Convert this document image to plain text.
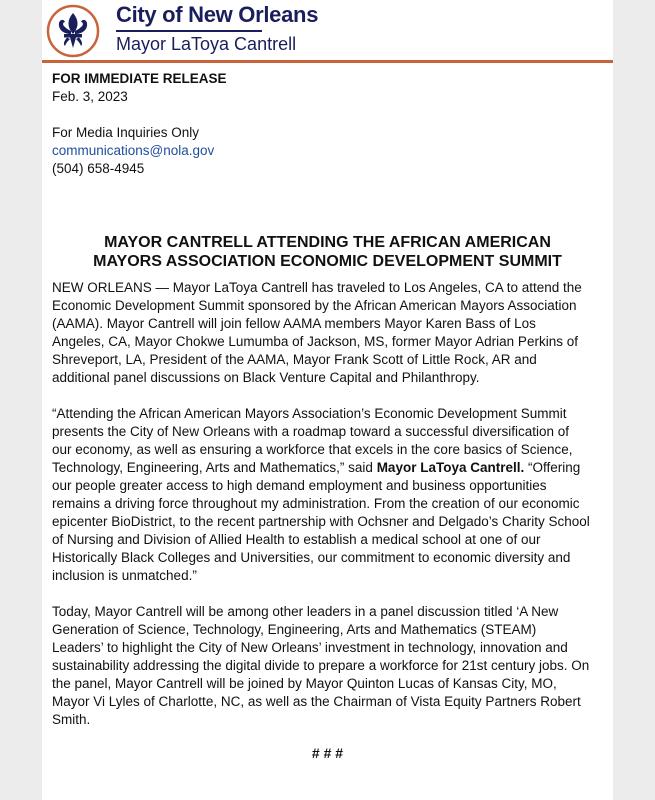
City of New Orleans
Mayor LaToya Cantrell
FOR IMMEDIATE RELEASE
Feb. 3, 2023
For Media Inquiries Only
communications@nola.gov
(504) 658-4945
MAYOR CANTRELL ATTENDING THE AFRICAN AMERICAN
MAYORS ASSOCIATION ECONOMIC DEVELOPMENT SUMMIT
NEW ORLEANS — Mayor LaToya Cantrell has traveled to Los Angeles, CA to attend the
Economic Development Summit sponsored by the African American Mayors Association
(AAMA). Mayor Cantrell will join fellow AAMA members Mayor Karen Bass of Los
Angeles, CA, Mayor Chokwe Lumumba of Jackson, MS, former Mayor Adrian Perkins of
Shreveport, LA, President of the AAMA, Mayor Frank Scott of Little Rock, AR and
additional panel discussions on Black Venture Capital and Philanthropy.
“Attending the African American Mayors Association’s Economic Development Summit
presents the City of New Orleans with a roadmap toward a successful diversification of
our economy, as well as ensuring a workforce that excels in the core basics of Science,
Technology, Engineering, Arts and Mathematics,” said Mayor LaToya Cantrell. “Offering
our people greater access to high demand employment and business opportunities
remains a driving force throughout my administration. From the creation of our economic
epicenter BioDistrict, to the recent partnership with Ochsner and Delgado’s Charity School
of Nursing and Division of Allied Health to establish a medical school at one of our
Historically Black Colleges and Universities, our commitment to economic diversity and
inclusion is unmatched.”
Today, Mayor Cantrell will be among other leaders in a panel discussion titled ‘A New
Generation of Science, Technology, Engineering, Arts and Mathematics (STEAM)
Leaders’ to highlight the City of New Orleans’ investment in technology, innovation and
sustainability addressing the digital divide to prepare a workforce for 21st century jobs. On
the panel, Mayor Cantrell will be joined by Mayor Quinton Lucas of Kansas City, MO,
Mayor Vi Lyles of Charlotte, NC, as well as the Chairman of Vista Equity Partners Robert
Smith.
# # #
